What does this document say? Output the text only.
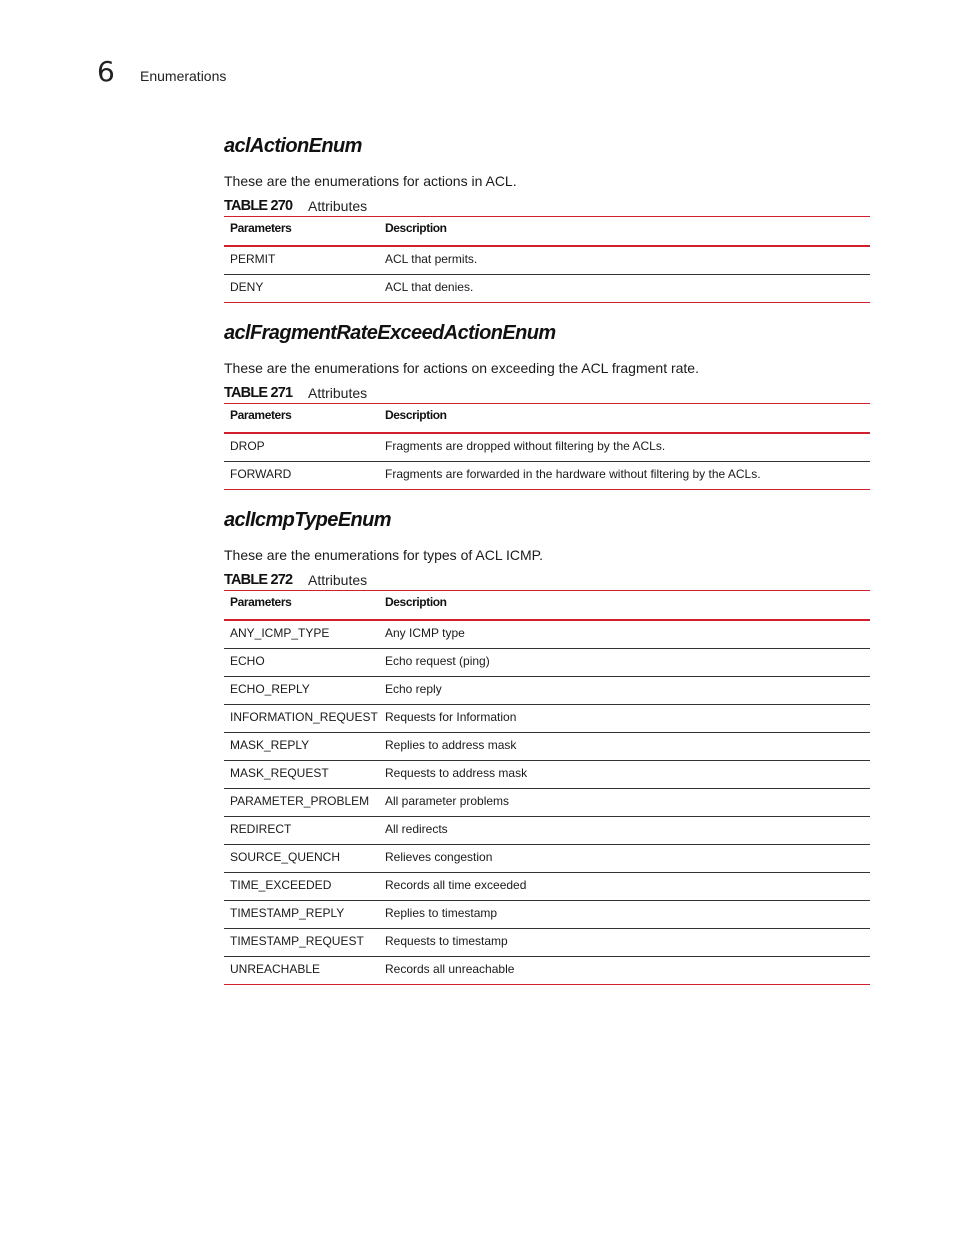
6	Enumerations
aclActionEnum

These are the enumerations for actions in ACL.

TABLE 270	Attributes
Parameters	Description
PERMIT	ACL that permits.
DENY	ACL that denies.
aclFragmentRateExceedActionEnum

These are the enumerations for actions on exceeding the ACL fragment rate.

TABLE 271	Attributes
Parameters	Description
DROP	Fragments are dropped without filtering by the ACLs.
FORWARD	Fragments are forwarded in the hardware without filtering by the ACLs.
aclIcmpTypeEnum

These are the enumerations for types of ACL ICMP.

TABLE 272	Attributes
Parameters	Description
ANY_ICMP_TYPE	Any ICMP type
ECHO	Echo request (ping)
ECHO_REPLY	Echo reply
INFORMATION_REQUEST	Requests for Information
MASK_REPLY	Replies to address mask
MASK_REQUEST	Requests to address mask
PARAMETER_PROBLEM	All parameter problems
REDIRECT	All redirects
SOURCE_QUENCH	Relieves congestion
TIME_EXCEEDED	Records all time exceeded
TIMESTAMP_REPLY	Replies to timestamp
TIMESTAMP_REQUEST	Requests to timestamp
UNREACHABLE	Records all unreachable
